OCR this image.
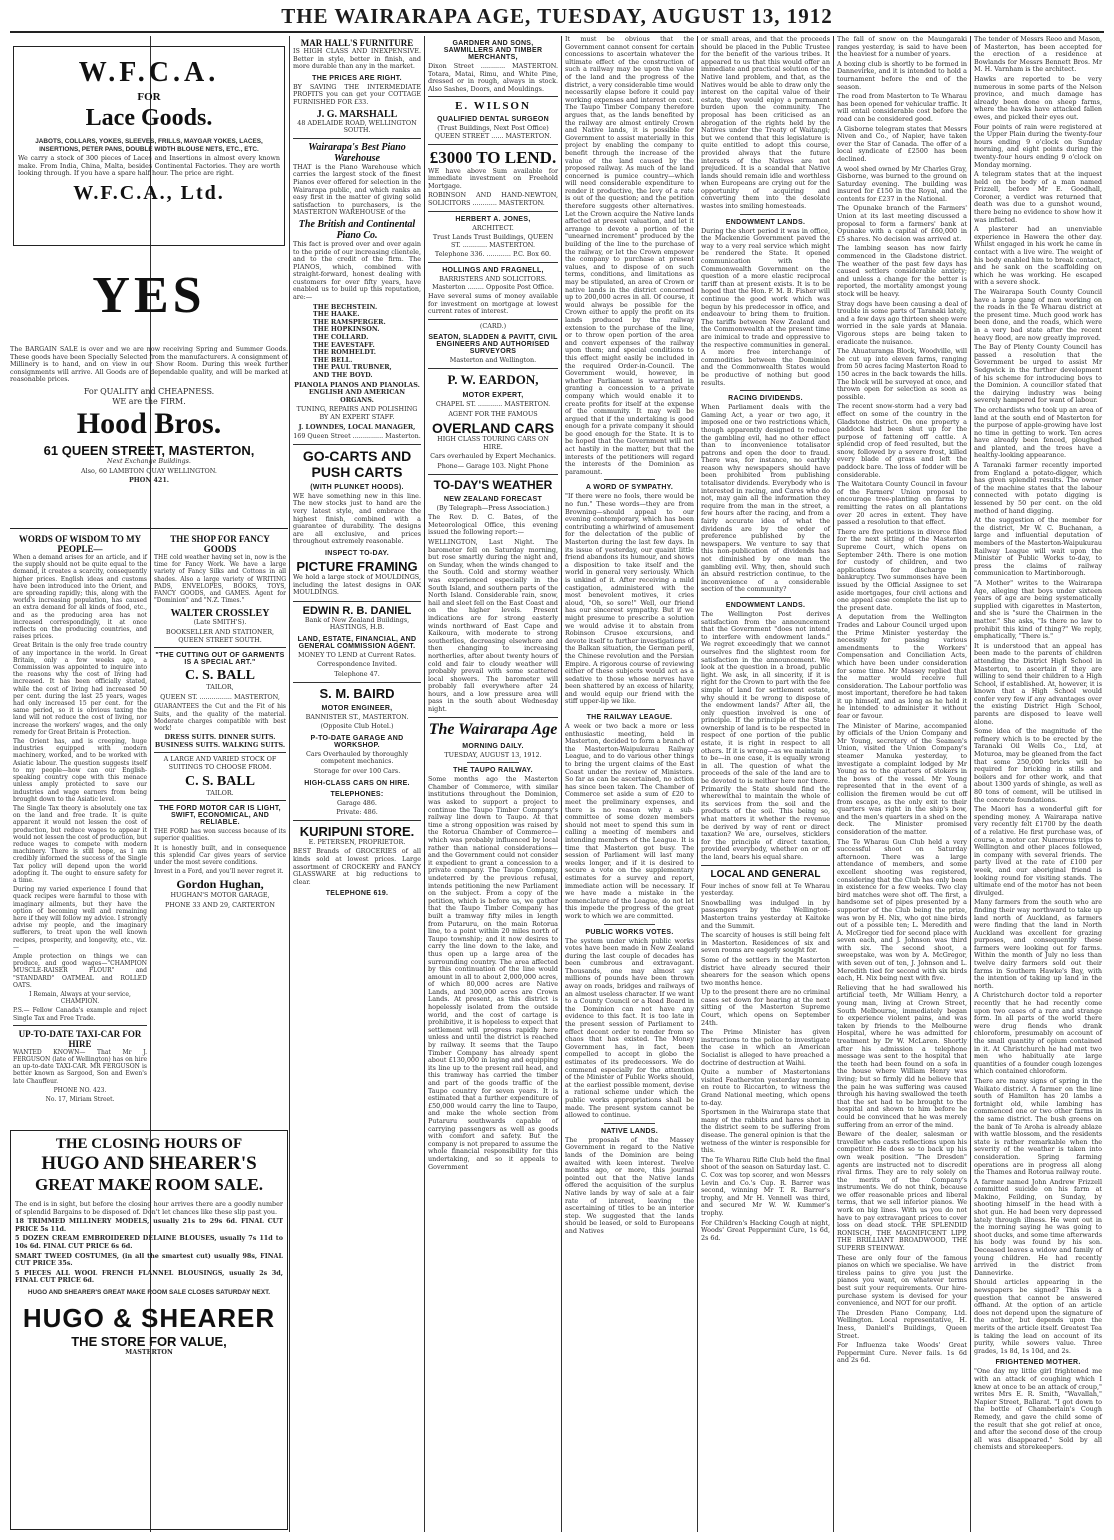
THE WAIRARAPA AGE, TUESDAY, AUGUST 13, 1912
W.F.C.A.
FOR
Lace Goods.
JABOTS, COLLARS, YOKES, SLEEVES, FRILLS, MAYGAR YOKES, LACES, INSERTIONS, PETER PANS, DOUBLE WIDTH BLOUSE NETS, ETC., ETC.
We carry a stock of 300 pieces of Laces and Insertions in almost every known make. From India, China, Malta, besides Continental Factories. They are worth looking through. If you have a spare half hour. The price are right.
W.F.C.A., Ltd.
YES
The BARGAIN SALE is over and we are now receiving Spring and Summer Goods. These goods have been Specially Selected from the manufacturers. A consignment of Millinery is to hand, and on view in our Show Room. During this week further consignments will arrive. All Goods are of dependable quality, and will be marked at reasonable prices.
For QUALITY and CHEAPNESS.
WE are the FIRM.
Hood Bros.
61 QUEEN STREET, MASTERTON,
Next Exchange Buildings.
Also, 60 LAMBTON QUAY WELLINGTON.
PHON 421.
WORDS OF WISDOM TO MY PEOPLE—
When a demand arises for an article, and if the supply should not be quite equal to the demand, it creates a scarcity, consequently higher prices. English ideas and customs have been introduced into the Orient, and are spreading rapidly; this, along with the world's increasing population, has caused an extra demand for all kinds of food, etc., and as the producing area has not increased correspondingly, it at once reflects on the producing countries, and raises prices.
Great Britain is the only free trade country of any importance in the world. In Great Britain, only a few weeks ago, a Commission was appointed to inquire into the reasons why the cost of living had increased. It has been officially stated, while the cost of living had increased 50 per cent. during the last 25 years, wages had only increased 15 per cent. for the same period, so it is obvious taxing the land will not reduce the cost of living, nor increase the workers' wages, and the only remedy for Great Britain is Protection.
The Orient has, and is creeping, huge industries equipped with modern machinery, worked, and to be worked with Asiatic labour. The question suggests itself to my people—how can our English-speaking country cope with this menace unless amply protected to save our industries and wage earners from being brought down to the Asiatic level.
The Single Tax theory is absolutely one tax on the land and free trade. It is quite apparent it would not lessen the cost of production, but reduce wages to appear it would not lessen the cost of production, but reduce wages to compete with modern machinery. There is still hope, as I am credibly informed the success of the Single Tax policy will depend upon the world adopting it. The ought to ensure safety for a time.
During my varied experience I found that quack recipes were harmful to those with imaginary ailments, but they have the option of becoming well and remaining here if they will follow my advice. I strongly advise my people, and the imaginary sufferers, to treat upon the well known recipes, prosperity, and longevity, etc., viz.—
Ample protection on things we can produce, and good wages—"CHAMPION MUSCLE-RAISER FLOUR" and "STANDARD" OATMEAL and ROLLED OATS.
I Remain, Always at your service, CHAMPION.
P.S.— Fellow Canada's example and reject Single Tax and Free Trade.
UP-TO-DATE TAXI-CAR FOR HIRE
WANTED KNOWN— That Mr J. FERGUSON (late of Wellington) has on hire an up-to-date TAXI-CAR. MR FERGUSON is better known as Sargood, Son and Ewen's late Chauffeur.
PHONE NO. 423.
No. 17, Miriam Street.
THE CLOSING HOURS OF
HUGO AND SHEARER'S
GREAT MAKE ROOM SALE.
The end is in sight, but before the closing hour arrives there are a goodly number of splendid Bargains to be disposed of. Don't let chances like these slip past you.
18 TRIMMED MILLINERY MODELS, usually 21s to 29s 6d. FINAL CUT PRICE 5s 11d.
5 DOZEN CREAM EMBROIDERED DELAINE BLOUSES, usually 7s 11d to 10s 6d. FINAL CUT PRICE 6s 6d.
SMART TWEED COSTUMES, (in all the smartest cut) usually 98s, FINAL CUT PRICE 35s.
5 PIECES ALL WOOL FRENCH FLANNEL BLOUSINGS, usually 2s 3d, FINAL CUT PRICE 6d.
HUGO AND SHEARER'S GREAT MAKE ROOM SALE CLOSES SATURDAY NEXT.
HUGO & SHEARER
THE STORE FOR VALUE,
MASTERTON
THE SHOP FOR FANCY GOODS
THE cold weather having set in, now is the time for Fancy Work. We have a large variety of Fancy Silks and Cottons in all shades. Also a large variety of WRITING PADS, ENVELOPES, BOOKS, TOYS, FANCY GOODS, and GAMES. Agent for "Dominion" and "N.Z. Times."
WALTER CROSSLEY
(Late SMITH'S).
BOOKSELLER AND STATIONER, QUEEN STREET SOUTH.
"THE CUTTING OUT OF GARMENTS IS A SPECIAL ART."
C. S. BALL
TAILOR,
QUEEN ST. ................ MASTERTON,
GUARANTEES the Cut and the Fit of his Suits, and the quality of the material. Moderate charges compatible with best work!
DRESS SUITS. DINNER SUITS. BUSINESS SUITS. WALKING SUITS.
A LARGE AND VARIED STOCK OF SUITINGS TO CHOOSE FROM.
C. S. BALL
TAILOR.
THE FORD MOTOR CAR IS LIGHT, SWIFT, ECONOMICAL, AND RELIABLE.
THE FORD has won success because of its superior qualities.
It is honestly built, and in consequence this splendid Car gives years of service under the most severe conditions.
Invest in a Ford, and you'll never regret it.
Gordon Hughan,
HUGHAN'S MOTOR GARAGE,
PHONE 33 AND 29, CARTERTON
MAR HALL'S FURNITURE
IS HIGH CLASS AND INEXPENSIVE. Better in style, better in finish, and more durable than any in the market.
THE PRICES ARE RIGHT.
BY SAVING THE INTERMEDIATE PROFITS you can get your COTTAGE FURNISHED FOR £33.
J. G. MARSHALL
48 ADELAIDE ROAD, WELLINGTON SOUTH.
Wairarapa's Best Piano Warehouse
THAT is the Piano Warehouse which carries the largest stock of the finest Pianos ever offered for selection in the Wairarapa public, and which ranks an easy first in the matter of giving solid satisfaction to purchasers, is the MASTERTON WAREHOUSE of the
The British and Continental Piano Co.
This fact is proved over and over again to the pride of our increasing clientele, and to the credit of the firm. The PIANOS, which, combined with straight-forward, honest dealing with customers for over fifty years, have enabled us to build up this reputation, are:—
THE BECHSTEIN.
THE HAAKE.
THE RAMSPERGER.
THE HOPKINSON.
THE COLLARD.
THE EAVESTAFF.
THE ROMHELDT.
THE BELL.
THE PAUL TRUBNER,
AND THE BOYD.
PIANOLA PIANOS AND PIANOLAS. ENGLISH AND AMERICAN ORGANS.
TUNING, REPAIRS AND POLISHING BY AN EXPERT STAFF.
J. LOWNDES, LOCAL MANAGER,
169 Queen Street ............... Masterton.
GO-CARTS AND PUSH CARTS
(WITH PLUNKET HOODS).
WE have something new in this line. The new stocks just to hand are the very latest style, and embrace the highest finish, combined with a guarantee of durability. The designs are all exclusive, and prices throughout extremely reasonable.
INSPECT TO-DAY.
PICTURE FRAMING
We hold a large stock of MOULDINGS, including the latest designs in OAK MOULDINGS.
EDWIN R. B. DANIEL
Bank of New Zealand Buildings, HASTINGS, H.B.
LAND, ESTATE, FINANCIAL, AND GENERAL COMMISSION AGENT.
MONEY TO LEND at Current Rates.
Correspondence Invited.
Telephone 47.
S. M. BAIRD
MOTOR ENGINEER,
BANNISTER ST., MASTERTON.
(Opposite Club Hotel.)
P-TO-DATE GARAGE AND WORKSHOP.
Cars Overhauled by thoroughly competent mechanics.
Storage for over 100 Cars.
HIGH-CLASS CARS ON HIRE.
TELEPHONES:
Garage 486.
Private: 486.
KURIPUNI STORE.
E. PETERSEN, PROPRIETOR.
BEST Brands of GROCERIES of all kinds sold at lowest prices. Large assortment of CROCKERY and FANCY GLASSWARE at big reductions to clear.
TELEPHONE 619.
GARDNER AND SONS, SAWMILLERS AND TIMBER MERCHANTS,
Dixon Street ............ MASTERTON. Totara, Matai, Rimu, and White Pine, dressed or in rough, always in stock. Also Sashes, Doors, and Mouldings.
E. WILSON
QUALIFIED DENTAL SURGEON
(Trust Buildings, Next Post Office) QUEEN STREET ...... MASTERTON.
£3000 TO LEND.
WE have above Sum available for immediate investment on Freehold Mortgage.
ROBINSON AND HAND-NEWTON, SOLICITORS ............ MASTERTON.
HERBERT A. JONES,
ARCHITECT.
Trust Lands Trust Buildings, QUEEN ST. ............ MASTERTON.
Telephone 336. ............ P.C. Box 60.
HOLLINGS AND FRAGNELL,
BARRISTERS AND SOLICITORS. Masterton ........ Opposite Post Office.
Have several sums of money available for investment on mortgage at lowest current rates of interest.
(CARD.)
SEATON, SLADDEN & PAVITT, CIVIL ENGINEERS AND AUTHORISED SURVEYORS
Masterton and Wellington.
P. W. EARDON,
MOTOR EXPERT,
CHAPEL ST. ............ MASTERTON.
AGENT FOR THE FAMOUS
OVERLAND CARS
HIGH CLASS TOURING CARS ON HIRE.
Cars overhauled by Expert Mechanics.
Phone— Garage 103. Night Phone
TO-DAY'S WEATHER
NEW ZEALAND FORECAST
(By Telegraph—Press Association.)
The Rev. D. C. Bates, of the Meteorological Office, this evening issued the following report:—
WELLINGTON, Last Night. The barometer fell on Saturday morning, but rose smartly during the night and, on Sunday, when the winds changed to the South. Cold and stormy weather was experienced especially in the South Island, and southern parts of the North Island. Considerable rain, snow, hail and sleet fell on the East Coast and on the higher levels. Present indications are for strong easterly winds northward of East Cape and Kaikoura, with moderate to strong southerlies, decreasing elsewhere and then changing to increasing northerlies, after about twenty hours of cold and fair to cloudy weather will probably prevail with some scattered local showers. The barometer will probably fall everywhere after 24 hours, and a low pressure area will pass in the south about Wednesday night.
The Wairarapa Age
MORNING DAILY.
TUESDAY, AUGUST 13, 1912.
THE TAUPO RAILWAY.
Some months ago the Masterton Chamber of Commerce, with similar institutions throughout the Dominion, was asked to support a project to continue the Taupo Timber Company's railway line down to Taupo. At that time a strong opposition was raised by the Rotorua Chamber of Commerce—which was probably influenced by local rather than national considerations—and the Government could not consider it expedient to grant a concession to a private company. The Taupo Company, undeterred by the previous refusal, intends petitioning the new Parliament on the subject. From a copy of the petition, which is before us, we gather that the Taupo Timber Company has built a tramway fifty miles in length from Putaruru, on the main Rotorua line, to a point within 20 miles north of Taupo township; and it now desires to carry the line down to the lake, and thus open up a large area of the surrounding country. The area affected by this continuation of the line would amount in all to about 2,000,000 acres, of which 80,000 acres are Native Lands, and 300,000 acres are Crown Lands. At present, as this district is hopelessly isolated from the outside world, and the cost of cartage is prohibitive, it is hopeless to expect that settlement will progress rapidly here unless and until the district is reached by railway. It seems that the Taupo Timber Company has already spent about £130,000 in laying and equipping its line up to the present rail head, and this tramway has carried the timber and part of the goods traffic of the Taupo country for seven years. It is estimated that a further expenditure of £50,000 would carry the line to Taupo, and make the whole section from Putaruru southwards capable of carrying passengers as well as goods with comfort and safety. But the company is not prepared to assume the whole financial responsibility for this undertaking, and so it appeals to Government
It must be obvious that the Government cannot consent for certain concessions to ascertain whatever the ultimate effect of the construction of such a railway may be upon the value of the land and the progress of the district, a very considerable time would necessarily elapse before it could pay working expenses and interest on cost. The Taupo Timber Company therefore argues that, as the lands benefited by the railway are almost entirely Crown and Native lands, it is possible for Government to assist materially in this project by enabling the company to benefit through the increase of the value of the land caused by the proposed railway. As much of the land concerned is pumice country—which will need considerable expenditure to render it productive, the levy of a rate is out of the question; and the petition therefore suggests other alternatives. Let the Crown acquire the Native lands affected at present valuation, and let it arrange to devote a portion of the "unearned increment" produced by the building of the line to the purchase of the railway, or let the Crown empower the company to purchase at present values, and to dispose of on such terms, conditions, and limitations as may be stipulated, an area of Crown or native lands in the district concerned up to 200,000 acres in all. Of course, it would always be possible for the Crown either to apply the profit on its lands produced by the railway extension to the purchase of the line, or to throw open portion of the area and convert expenses of the railway upon them; and special conditions to this effect might easily be included in the required Order-in-Council. The Government would, however, in whether Parliament is warranted in granting a concession to a private company which would enable it to create profits for itself at the expense of the community. It may well be argued that if the undertaking is good enough for a private company it should be good enough for the State. It is to be hoped that the Government will not act hastily in the matter, but that the interests of the petitioners will regard the interests of the Dominion as paramount.
A WORD OF SYMPATHY.
"If there were no fools, there would be no fun." These words—they are from Browning—should appeal to our evening contemporary, which has been contributing a whirlwind of amusement for the delectation of the public of Masterton during the last few days. In its issue of yesterday, our quaint little friend abandons its humour, and shows a disposition to take itself and the world in general very seriously. Which is unkind of it. After receiving a mild castigation, administered with the most benevolent motives, it cries aloud, "Oh, so sore!" Well, our friend has our sincerest sympathy. But if we might presume to prescribe a solution we would advise it to abstain from Robinson Crusoe excursions, and devote itself to further investigations of the Balkan situation, the German peril, the Chinese revolution and the Persian Empire. A rigorous course of reviewing either of these subjects would act as a sedative to those whose nerves have been shattered by an excess of hilarity, and would equip our friend with the stiff upper-lip we like.
THE RAILWAY LEAGUE.
A week or two back a more or less enthusiastic meeting, held in Masterton, decided to form a branch of the Masterton-Waipukurau Railway League, and to do various other things to bring the urgent claims of the East Coast under the review of Ministers. So far as can be ascertained, no action has since been taken. The Chamber of Commerce set aside a sum of £20 to meet the preliminary expenses, and there is no reason why a sub-committee of some dozen members should not meet to spend this sum in calling a meeting of members and intending members of the League. It is time that Masterton got busy. The session of Parliament will last many weeks longer, and if it is desired to secure a vote on the supplementary estimates for a survey and report, immediate action will be necessary. If we have made a mistake in the nomenclature of the League, do not let this impede the progress of the great work to which we are committed.
PUBLIC WORKS VOTES.
The system under which public works votes have been made in New Zealand during the last couple of decades has been cumbrous and extravagant. Thousands, one may almost say millions of pounds have been thrown away on roads, bridges and railways of an almost useless character. If we want to a County Council or a Road Board in the Dominion can not have any evidence to this fact. It is too late in the present session of Parliament to effect decent order to render from so chaos that has existed. The Money Government has, in fact, been compelled to accept in globo the estimates of its predecessors. We do commend especially for the attention of the Minister of Public Works should, at the earliest possible moment, devise a rational scheme under which the public works appropriations shall be made. The present system cannot be allowed to continue.
NATIVE LANDS.
The proposals of the Massey Government in regard to the Native lands of the Dominion are being awaited with keen interest. Twelve months ago, or more, this journal pointed out that the Native lands offered the acquisition of the surplus Native lands by way of sale at a fair rate of interest, leaving the ascertaining of titles to be an interior step. We suggested that the lands should be leased, or sold to Europeans and Natives
or small areas, and that the proceeds should be placed in the Public Trustee for the benefit of the various tribes. It appeared to us that this would offer an immediate and practical solution of the Native land problem, and that, as the Natives would be able to draw only the interest on the capital value of their estate, they would enjoy a permanent burden upon the community. The proposal has been criticised as an abrogation of the rights held by the Natives under the Treaty of Waitangi; but we contend that this legislature is quite entitled to adopt this course, provided always that the future interests of the Natives are not prejudiced. It is a scandal that Native lands should remain idle and worthless when Europeans are crying out for the opportunity of acquiring and converting them into the desolate wastes into smiling homesteads.
ENDOWMENT LANDS.
During the short period it was in office, the Mackenzie Government paved the way to a very real service which might be rendered the State. It opened communication with the Commonwealth Government on the question of a more elastic reciprocal tariff than at present exists. It is to be hoped that the Hon. F. M. B. Fisher will continue the good work which was begun by his predecessor in office, and endeavour to bring them to fruition. The tariffs between New Zealand and the Commonwealth at the present time are inimical to trade and oppressive to the respective communities in general. A more free interchange of commodities between the Dominion and the Commonwealth States would be productive of nothing but good results.
RACING DIVIDENDS.
When Parliament deals with the Gaming Act, a year or two ago, it imposed one or two restrictions which, though apparently designed to reduce the gambling evil, had no other effect than to inconvenience totalisator patrons and open the door to fraud. There was, for instance, no earthly reason why newspapers should have been prohibited from publishing totalisator dividends. Everybody who is interested in racing, and Cares who do not, may gain all the information they require from the man in the street, a few hours after the racing, and from a fairly accurate idea of what the dividends are by the order of preference published by the newspapers. We venture to say that this non-publication of dividends has not diminished by one man the gambling evil. Why, then, should such an absurd restriction continue, to the inconvenience of a considerable section of the community?
ENDOWMENT LANDS.
The Wellington Post derives satisfaction from the announcement that the Government "does not intend to interfere with endowment lands." We regret exceedingly that we cannot ourselves find the slightest room for satisfaction in the announcement. We look at the question in a broad, public light. We ask, in all sincerity, if it is right for the Crown to part with the fee simple of land for settlement estate, why should it be wrong to dispose of the endowment lands? After all, the only question involved is one of principle. If the principle of the State ownership of land is to be respected in respect of one portion of the public estate, it is right in respect to all others. If it is wrong—as we maintain it to be—in one case, it is equally wrong in all. The question of what the proceeds of the sale of the land are to be devoted to is neither here nor there. Primarily the State should find the wherewithal to maintain the whole of its services from the soil and the products of the soil. This being so, what matters it whether the revenue be derived by way of rent or direct taxation? We are, ourselves, sticklers for the principle of direct taxation, provided everybody, whether on or off the land, bears his equal share.
LOCAL AND GENERAL
Four inches of snow fell at Te Wharau yesterday.
Snowballing was indulged in by passengers by the Wellington-Masterton trains yesterday at Kaitoke and the Summit.
The scarcity of houses is still being felt in Masterton. Residences of six and seven rooms are eagerly sought for.
Some of the settlers in the Masterton district have already secured their shearers for the season which opens two months hence.
Up to the present there are no criminal cases set down for hearing at the next sitting of the Masterton Supreme Court, which opens on September 24th.
The Prime Minister has given instructions to the police to investigate the case in which an American Socialist is alleged to have preached a doctrine of destruction at Waihi.
Quite a number of Mastertonians visited Featherston yesterday morning en route to Riccarton, to witness the Grand National meeting, which opens to-day.
Sportsmen in the Wairarapa state that many of the rabbits and hares shot in the district seem to be suffering from disease. The general opinion is that the wetness of the winter is responsible for this.
The Te Wharau Rifle Club held the final shoot of the season on Saturday last. C. C. Cox was top scorer, and won Messrs Levin and Co.'s Cup. R. Barrer was second, winning Mr T. R. Barrer's trophy, and Mr H. Vennell was third, and secured Mr W. W. Kummer's trophy.
For Children's Hacking Cough at night, Woods' Great Peppermint Cure, 1s 6d, 2s 6d.
The fall of snow on the Maungaraki ranges yesterday, is said to have been the heaviest for a number of years.
A boxing club is shortly to be formed in Dannevirke, and it is intended to hold a tournament before the end of the season.
The road from Masterton to Te Wharau has been opened for vehicular traffic. It will entail considerable cost before the road can be considered good.
A Gisborne telegram states that Messrs Niven and Co., of Napier, have taken over the Star of Canada. The offer of a local syndicate of £2500 has been declined.
A wool shed owned by Mr Charles Gray, Gisborne, was burned to the ground on Saturday evening. The building was insured for £150 in the Royal, and the contents for £237 in the National.
The Opunake branch of the Farmers' Union at its last meeting discussed a proposal to form a farmers' bank at Opunake with a capital of £60,000 in £5 shares. No decision was arrived at.
The lambing season has now fairly commenced in the Gladstone district. The weather of the past few days has caused settlers considerable anxiety; and unless a change for the better is reported, the mortality amongst young stock will be heavy.
Stray dogs have been causing a deal of trouble in some parts of Taranaki lately, and a few days ago thirteen sheep were worried in the sale yards at Manaia. Vigorous steps are being taken to eradicate the nuisance.
The Ahuaturanga Block, Woodville, will be cut up into eleven farms, ranging from 50 acres facing Masterton Road to 150 acres in the back towards the hills. The block will be surveyed at once, and thrown open for selection as soon as possible.
The recent snow-storm had a very bad effect on some of the country in the Gladstone district. On one property a paddock had been shut up for the purpose of fattening off cattle. A splendid crop of feed resulted, but the snow, followed by a severe frost, killed every blade of grass and left the paddock bare. The loss of fodder will be considerable.
The Waitotara County Council in favour of the Farmers' Union proposal to encourage tree-planting on farms by remitting the rates on all plantations over 20 acres in extent. They have passed a resolution to that effect.
There are five petitions in divorce filed for the next sitting of the Masterton Supreme Court, which opens on September 24th. There is one motion for custody of children, and two applications for discharge in bankruptcy. Two summonses have been issued by the Official Assignee to set aside mortgages, four civil actions and one appeal case complete the list up to the present date.
A deputation from the Wellington Trades and Labour Council urged upon the Prime Minister yesterday the necessity for passing various amendments to the Workers' Compensation and Conciliation Acts, which have been under consideration for some time. Mr Massey replied that the matter would receive full consideration. The Labour portfolio was most important, therefore he had taken it up himself, and as long as he held it he intended to administer it without fear or favour.
The Minister of Marine, accompanied by officials of the Union Company and Mr Young, secretary of the Seamen's Union, visited the Union Company's steamer Manuka yesterday, to investigate a complaint lodged by Mr Young as to the quarters of stokers in the bows of the vessel. Mr Young represented that in the event of a collision the firemen would be cut off from escape, as the only exit to their quarters was right in the ship's bow, and the men's quarters in a shed on the deck. The Minister promised consideration of the matter.
The Te Wharau Gun Club held a very successful shoot on Saturday afternoon. There was a large attendance of members, and some excellent shooting was registered, considering that the Club has only been in existence for a few weeks. Two clay bird matches were shot off. The first, a handsome set of pipes presented by a supporter of the Club being the prize, was won by H. Nix, who got nine birds out of a possible ten; L. Meredith and A. McGregor tied for second place with seven each, and J. Johnson was third with six. The second shoot, a sweepstake, was won by A. McGregor, with seven out of ten, J. Johnson and L. Meredith tied for second with six birds each, H. Nix being next with five.
Relieving that he had swallowed his artificial teeth, Mr William Henry, a young man, living at Crown Street, South Melbourne, immediately began to experience violent pains, and was taken by friends to the Melbourne Hospital, where he was admitted for treatment by Dr W. McLaren. Shortly after his admission a telephone message was sent to the hospital that the teeth had been found on a sofa in the house where William Henry was living; but so firmly did he believe that the pain he was suffering was caused through his having swallowed the teeth that the set had to be brought to the hospital and shown to him before he could be convinced that he was merely suffering from an error of the mind.
Beware of the dealer, salesman or traveller who casts reflections upon his competitor. He does so to back up his own weak position. "The Dresden" agents are instructed not to discredit rival firms. They are to rely solely on the merits of the Company's instruments. We do not think, because we offer reasonable prices and liberal terms, that we sell inferior pianos. We work on big lines. With us you do not have to pay extravagant prices to cover loss on dead stock. THE SPLENDID RONISCH, THE MAGNIFICENT LIPP, THE BRILLIANT BROADWOOD, THE SUPERB STEINWAY.
These are only four of the famous pianos on which we specialise. We have tireless pains to give you just the pianos you want, on whatever terms best suit your requirements. Our hire-purchase system is devised for your convenience, and NOT for our profit.
The Dresden Piano Company, Ltd. Wellington. Local representative, H. Iness, Daniell's Buildings, Queen Street.
For Influenza take Woods' Great Peppermint Cure. Never fails. 1s 6d and 2s 6d.
The tender of Messrs Reoo and Mason, of Masterton, has been accepted for the erection of a residence at Bowlands for Messrs Bennett Bros. Mr M. H. Varnham is the architect.
Hawks are reported to be very numerous in some parts of the Nelson province, and much damage has already been done on sheep farms, where the hawks have attacked fallen ewes, and picked their eyes out.
Four points of rain were registered at the Upper Plain during the twenty-four hours ending 9 o'clock on Sunday morning, and eight points during the twenty-four hours ending 9 o'clock on Monday morning.
A telegram states that at the inquest held on the body of a man named Frizzell, before Mr E. Goodhall, Coroner, a verdict was returned that death was due to a gunshot wound, there being no evidence to show how it was inflicted.
A plasterer had an unenviable experience in Hawera the other day. Whilst engaged in his work he came in contact with a live wire. The weight of his body enabled him to break contact, and he sank on the scaffolding on which he was working. He escaped with a severe shock.
The Wairarapa South County Council have a large gang of men working on the roads in the Te Wharau district at the present time. Much good work has been done, and the roads, which were in a very bad state after the recent heavy flood, are now greatly improved.
The Bay of Plenty County Council has passed a resolution that the Government be urged to assist Mr Sedgwick in the further development of his scheme for introducing boys to the Dominion. A councillor stated that the dairying industry was being severely hampered for want of labour.
The orchardists who took up an area of land at the south end of Masterton for the purpose of apple-growing have lost no time in getting to work. Ten acres have already been fenced, ploughed and planted, and the trees have a healthy-looking appearance.
A Taranaki farmer recently imported from England a potato-digger, which has given splendid results. The owner of the machine states that the labour connected with potato digging is lessened by 50 per cent. on the old method of hand digging.
At the suggestion of the member for the district, Mr W. C. Buchanan, a large and influential deputation of members of the Masterton-Waipukurau Railway League will wait upon the Minister of Public Works to-day, to press the claims of railway communication to Martinborough.
"A Mother" writes to the Wairarapa Age, alleging that boys under sixteen years of age are being systematically supplied with cigarettes in Masterton, and she is "sure the Chairmen in the matter." She asks, "Is there no law to prohibit this kind of thing?" We reply, emphatically, "There is."
It is understood that an appeal has been made to the parents of children attending the District High School in Masterton, to ascertain if they are willing to send their children to a High School, if established. At, however, it is known that a High School would confer very few if any advantages over the existing District High School, parents are disposed to leave well alone.
Some idea of the magnitude of the refinery which is to be erected by the Taranaki Oil Wells Co., Ltd, at Moturoa, may be gleaned from the fact that some 250,000 bricks will be required for bricking in stills and boilers and for other work, and that about 1300 yards of shingle, as well as 80 tons of cement, will be utilised in the concrete foundations.
The Maori has a wonderful gift for spending money. A Wairarapa native very recently felt £1700 by the death of a relative. He first purchase was, of course, a motor car. Numerous trips to Wellington and other places followed, in company with several friends. The party lived at the rate of £100 per week, and our aboriginal friend is looking round for visiting stands. The ultimate end of the motor has not been divulged.
Many farmers from the south who are finding their way northward to take up land north of Auckland, as farmers were finding that the land in North Auckland was excellent for grazing purposes, and consequently these farmers were looking out for farms. Within the month of July no less than twelve dairy farmers sold out their farms in Southern Hawke's Bay, with the intention of taking up land in the north.
A Christchurch doctor told a reporter recently that he had recently come upon two cases of a rare and strange form. In all parts of the world there were drug fiends who drank chloroform, presumably on account of the small quantity of opium contained in it. At Christchurch he had met two men who habitually ate large quantities of a founder cough lozenges which contained chloroform.
There are many signs of spring in the Waikato district. A farmer on the line south of Hamilton has 20 lambs a fortnight old, while lambing has commenced one or two other farms in the same district. The bush greens on the bank of Te Aroha is already ablaze with wattle blossom, and the residents state is rather remarkable when the severity of the weather is taken into consideration. Spring farming operations are in progress all along the Thames and Rotorua railway route.
A farmer named John Andrew Frizzell committed suicide on his farm at Makino, Feilding, on Sunday, by shooting himself in the head with a shot gun. He had been very depressed lately through illness. He went out in the morning saying he was going to shoot ducks, and some time afterwards his body was found by his son. Deceased leaves a widow and family of young children. He had recently arrived in the district from Dannevirke.
Should articles appearing in the newspapers be signed? This is a question that cannot be answered offhand. At the option of an article does not depend upon the signature of the author, but depends upon the merits of the article itself. Greatest Tea is taking the lead on account of its purity, while sowers value. Three grades, 1s 8d, 1s 10d, and 2s.
FRIGHTENED MOTHER.
"One day my little girl frightened me with an attack of coughing which I knew at once to be an attack of croup," writes Mrs E. R. Smith, "Wavallah," Napier Street, Ballarat. "I got down to the bottle of Chamberlain's Cough Remedy, and gave the child some of the result that she got relief at once, and after the second dose of the croup all was disappeared." Sold by all chemists and storekeepers.
